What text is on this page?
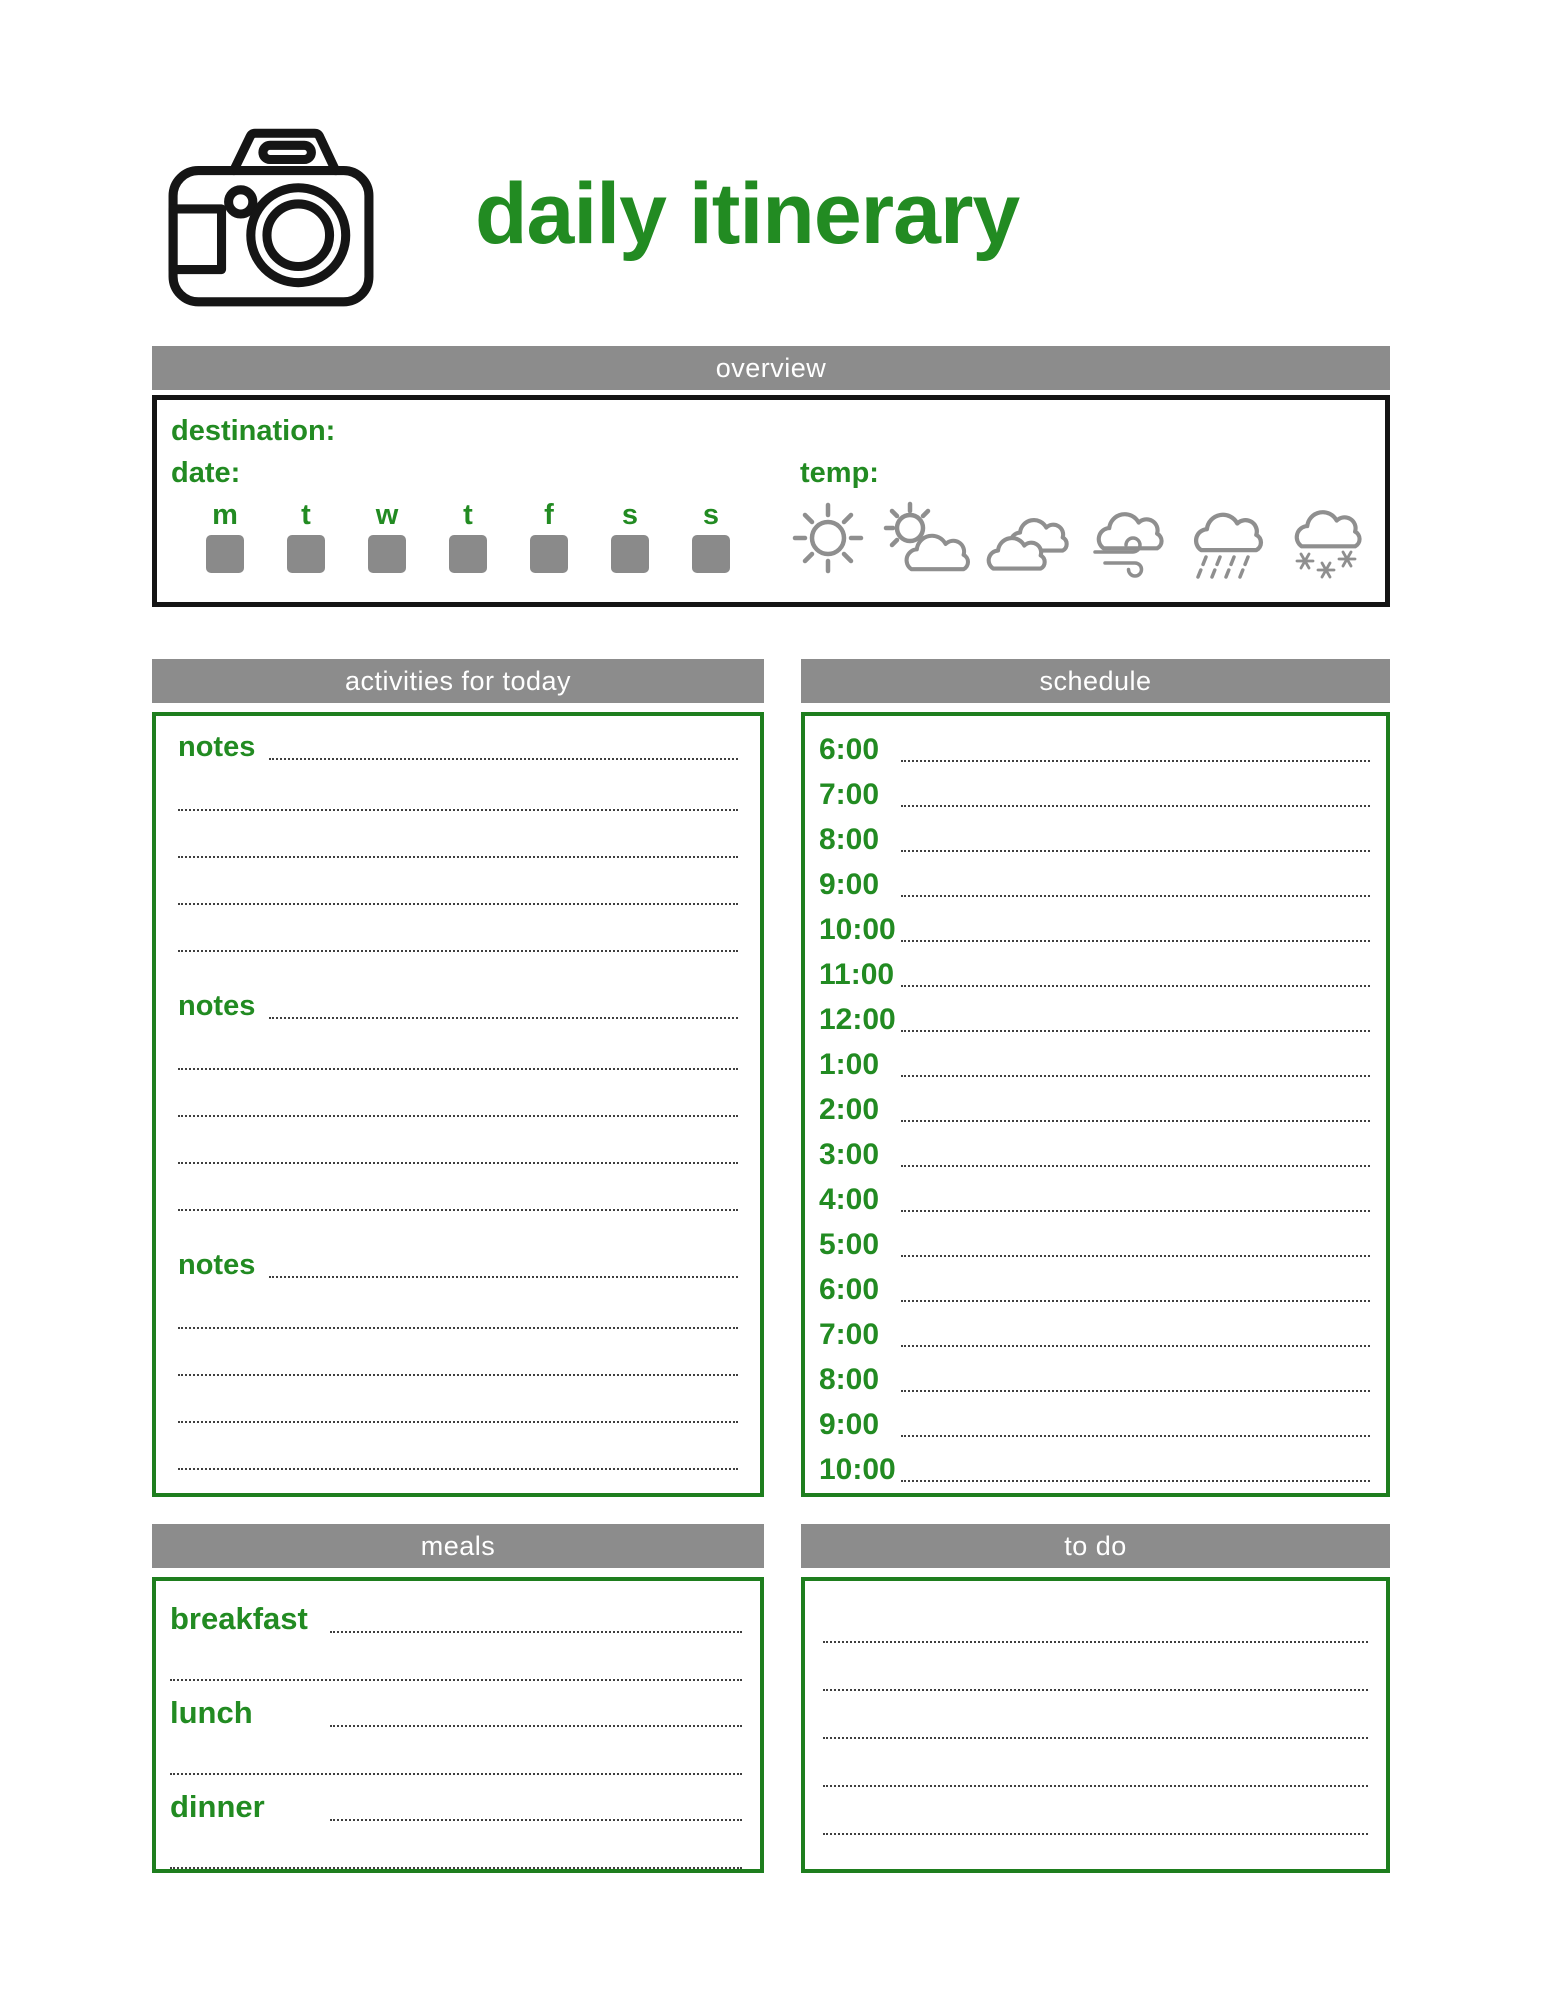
daily itinerary
overview
destination:
date:
m	t	w	t	f	s	s
temp:
activities for today
notes
notes
notes
schedule
6:00
7:00
8:00
9:00
10:00
11:00
12:00
1:00
2:00
3:00
4:00
5:00
6:00
7:00
8:00
9:00
10:00
meals
breakfast
lunch
dinner
to do
